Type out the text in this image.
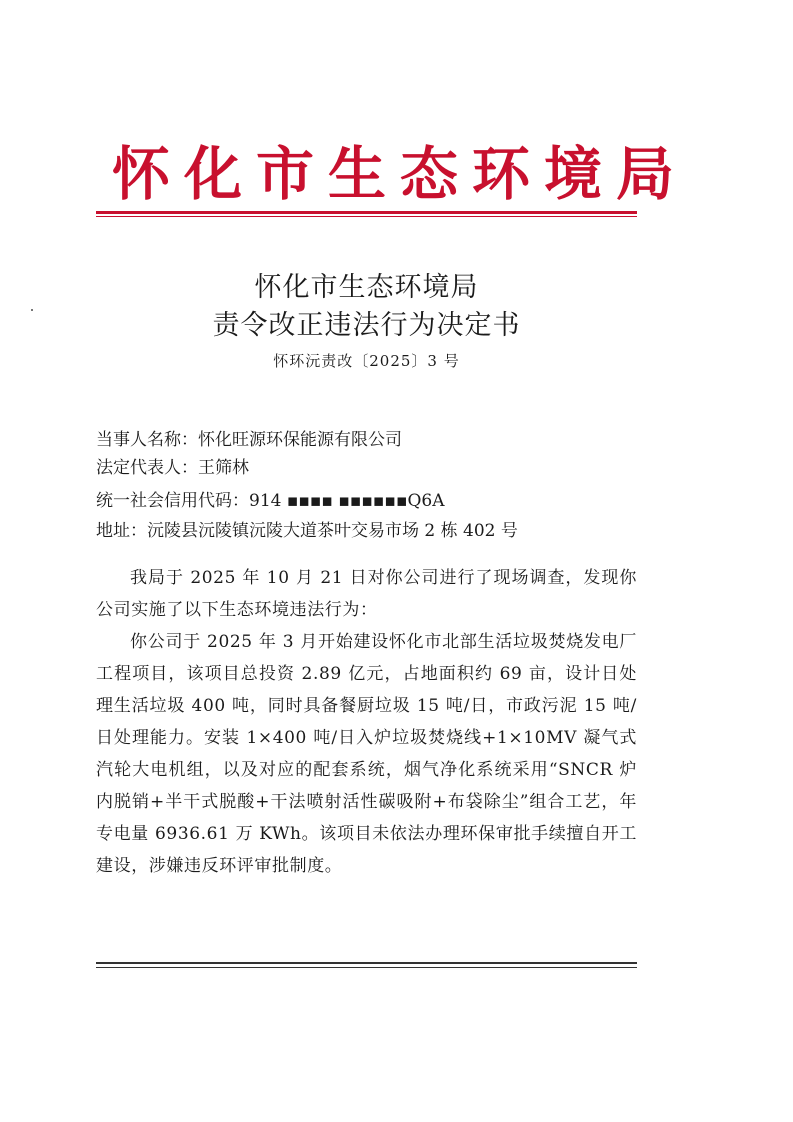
怀化市生态环境局
怀化市生态环境局
责令改正违法行为决定书
怀环沅责改〔2025〕3 号
当事人名称：怀化旺源环保能源有限公司
法定代表人：王筛林
统一社会信用代码：914 ▪▪▪▪ ▪▪▪▪▪▪Q6A
地址：沅陵县沅陵镇沅陵大道茶叶交易市场 2 栋 402 号
我局于 2025 年 10 月 21 日对你公司进行了现场调查，发现你公司实施了以下生态环境违法行为：
你公司于 2025 年 3 月开始建设怀化市北部生活垃圾焚烧发电厂工程项目，该项目总投资 2.89 亿元，占地面积约 69 亩，设计日处理生活垃圾 400 吨，同时具备餐厨垃圾 15 吨/日，市政污泥 15 吨/日处理能力。安装 1×400 吨/日入炉垃圾焚烧线+1×10MV 凝气式汽轮大电机组，以及对应的配套系统，烟气净化系统采用“SNCR 炉内脱销+半干式脱酸+干法喷射活性碳吸附+布袋除尘”组合工艺，年专电量 6936.61 万 KWh。该项目未依法办理环保审批手续擅自开工建设，涉嫌违反环评审批制度。
